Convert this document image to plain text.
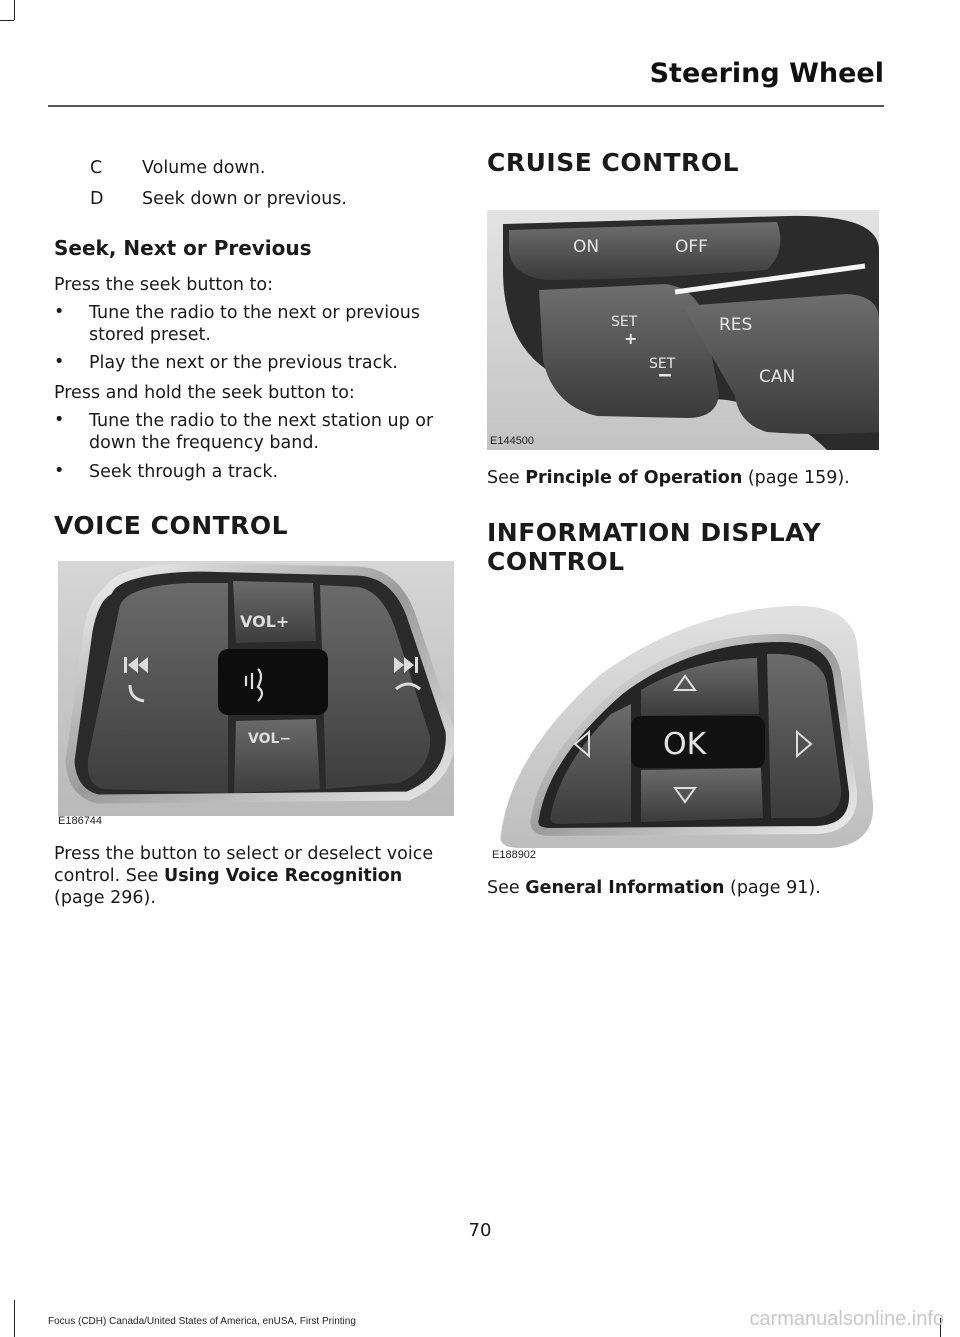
Steering Wheel
C Volume down.
D Seek down or previous.
Seek, Next or Previous

Press the seek button to:

• Tune the radio to the next or previous stored preset.
• Play the next or the previous track.

Press and hold the seek button to:

• Tune the radio to the next station up or down the frequency band.
• Seek through a track.
VOICE CONTROL
VOL+
VOL−
E186744

Press the button to select or deselect voice control. See Using Voice Recognition (page 296).

CRUISE CONTROL
ON	OFF
SET
+
SET
RES
CAN
E144500

See Principle of Operation (page 159).

INFORMATION DISPLAY
CONTROL
OK
E188902

See General Information (page 91).

70
Focus (CDH) Canada/United States of America, enUSA, First Printing	carmanualsonline.info
